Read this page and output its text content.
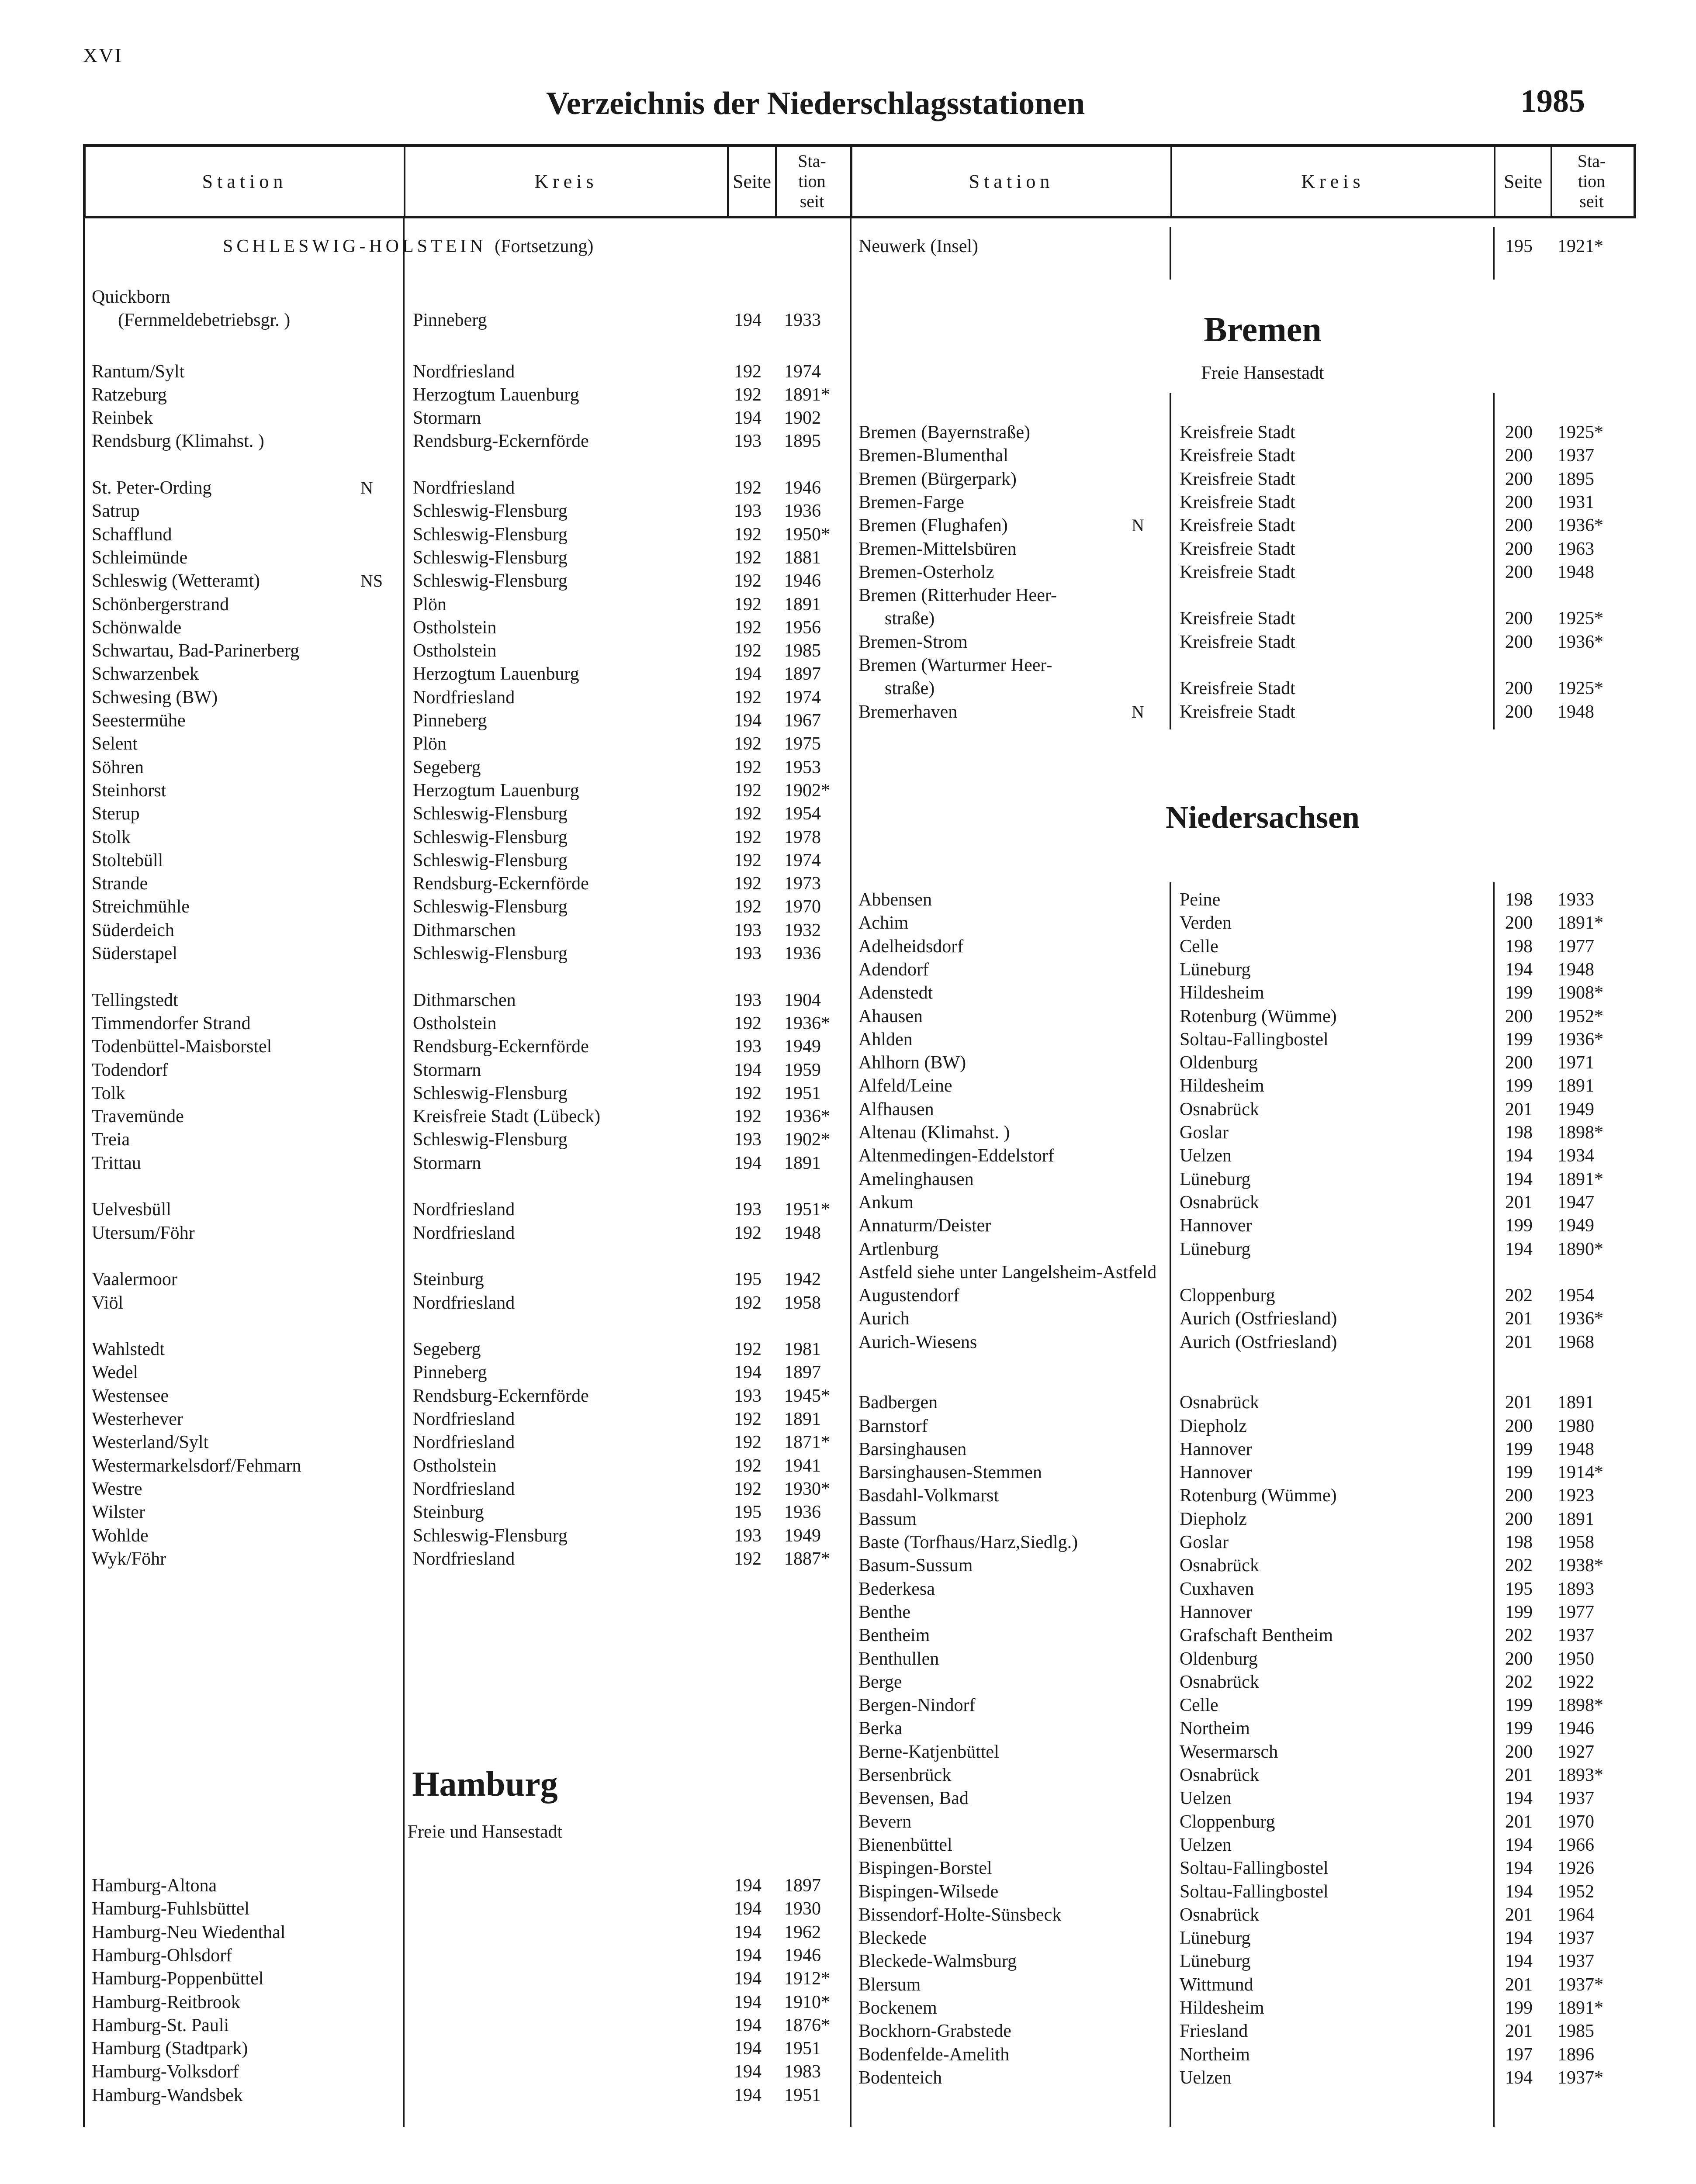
XVI
Verzeichnis der Niederschlagsstationen	1985
Station	Kreis	Seite
Sta-
tion
seit
Station	Kreis	Seite
Sta-
tion
seit
SCHLESWIG-HOLSTEIN (Fortsetzung)
Quickborn
(Fernmeldebetriebsgr. )	Pinneberg	194 1933
Rantum/Sylt	Nordfriesland	192 1974
Ratzeburg	Herzogtum Lauenburg	192 1891*
Reinbek	Stormarn	194 1902
Rendsburg (Klimahst. )	Rendsburg-Eckernförde	193 1895
St. Peter-Ording	N Nordfriesland	192 1946
Satrup	Schleswig-Flensburg	193 1936
Schafflund	Schleswig-Flensburg	192 1950*
Schleimünde	Schleswig-Flensburg	192 1881
Schleswig (Wetteramt)	NS Schleswig-Flensburg	192 1946
Schönbergerstrand	Plön	192 1891
Schönwalde	Ostholstein	192 1956
Schwartau, Bad-Parinerberg	Ostholstein	192 1985
Schwarzenbek	Herzogtum Lauenburg	194 1897
Schwesing (BW)	Nordfriesland	192 1974
Seestermühe	Pinneberg	194 1967
Selent	Plön	192 1975
Söhren	Segeberg	192 1953
Steinhorst	Herzogtum Lauenburg	192 1902*
Sterup	Schleswig-Flensburg	192 1954
Stolk	Schleswig-Flensburg	192 1978
Stoltebüll	Schleswig-Flensburg	192 1974
Strande	Rendsburg-Eckernförde	192 1973
Streichmühle	Schleswig-Flensburg	192 1970
Süderdeich	Dithmarschen	193 1932
Süderstapel	Schleswig-Flensburg	193 1936
Tellingstedt	Dithmarschen	193 1904
Timmendorfer Strand	Ostholstein	192 1936*
Todenbüttel-Maisborstel	Rendsburg-Eckernförde	193 1949
Todendorf	Stormarn	194 1959
Tolk	Schleswig-Flensburg	192 1951
Travemünde	Kreisfreie Stadt (Lübeck)	192 1936*
Treia	Schleswig-Flensburg	193 1902*
Trittau	Stormarn	194 1891
Uelvesbüll	Nordfriesland	193 1951*
Utersum/Föhr	Nordfriesland	192 1948
Vaalermoor	Steinburg	195 1942
Viöl	Nordfriesland	192 1958
Wahlstedt	Segeberg	192 1981
Wedel	Pinneberg	194 1897
Westensee	Rendsburg-Eckernförde	193 1945*
Westerhever	Nordfriesland	192 1891
Westerland/Sylt	Nordfriesland	192 1871*
Westermarkelsdorf/Fehmarn	Ostholstein	192 1941
Westre	Nordfriesland	192 1930*
Wilster	Steinburg	195 1936
Wohlde	Schleswig-Flensburg	193 1949
Wyk/Föhr	Nordfriesland	192 1887*
Hamburg
Freie und Hansestadt
Hamburg-Altona	194 1897
Hamburg-Fuhlsbüttel	194 1930
Hamburg-Neu Wiedenthal	194 1962
Hamburg-Ohlsdorf	194 1946
Hamburg-Poppenbüttel	194 1912*
Hamburg-Reitbrook	194 1910*
Hamburg-St. Pauli	194 1876*
Hamburg (Stadtpark)	194 1951
Hamburg-Volksdorf	194 1983
Hamburg-Wandsbek	194 1951
Neuwerk (Insel)	195 1921*
Bremen
Freie Hansestadt
Bremen (Bayernstraße)	Kreisfreie Stadt	200 1925*
Bremen-Blumenthal	Kreisfreie Stadt	200 1937
Bremen (Bürgerpark)	Kreisfreie Stadt	200 1895
Bremen-Farge	Kreisfreie Stadt	200 1931
Bremen (Flughafen)	N Kreisfreie Stadt	200 1936*
Bremen-Mittelsbüren	Kreisfreie Stadt	200 1963
Bremen-Osterholz	Kreisfreie Stadt	200 1948
Bremen (Ritterhuder Heer-
straße)	Kreisfreie Stadt	200 1925*
Bremen-Strom	Kreisfreie Stadt	200 1936*
Bremen (Warturmer Heer-
straße)	Kreisfreie Stadt	200 1925*
Bremerhaven	N Kreisfreie Stadt	200 1948
Niedersachsen
Abbensen	Peine	198 1933
Achim	Verden	200 1891*
Adelheidsdorf	Celle	198 1977
Adendorf	Lüneburg	194 1948
Adenstedt	Hildesheim	199 1908*
Ahausen	Rotenburg (Wümme)	200 1952*
Ahlden	Soltau-Fallingbostel	199 1936*
Ahlhorn (BW)	Oldenburg	200 1971
Alfeld/Leine	Hildesheim	199 1891
Alfhausen	Osnabrück	201 1949
Altenau (Klimahst. )	Goslar	198 1898*
Altenmedingen-Eddelstorf	Uelzen	194 1934
Amelinghausen	Lüneburg	194 1891*
Ankum	Osnabrück	201 1947
Annaturm/Deister	Hannover	199 1949
Artlenburg	Lüneburg	194 1890*
Astfeld siehe unter Langelsheim-Astfeld
Augustendorf	Cloppenburg	202 1954
Aurich	Aurich (Ostfriesland)	201 1936*
Aurich-Wiesens	Aurich (Ostfriesland)	201 1968
Badbergen	Osnabrück	201 1891
Barnstorf	Diepholz	200 1980
Barsinghausen	Hannover	199 1948
Barsinghausen-Stemmen	Hannover	199 1914*
Basdahl-Volkmarst	Rotenburg (Wümme)	200 1923
Bassum	Diepholz	200 1891
Baste (Torfhaus/Harz,Siedlg.)	Goslar	198 1958
Basum-Sussum	Osnabrück	202 1938*
Bederkesa	Cuxhaven	195 1893
Benthe	Hannover	199 1977
Bentheim	Grafschaft Bentheim	202 1937
Benthullen	Oldenburg	200 1950
Berge	Osnabrück	202 1922
Bergen-Nindorf	Celle	199 1898*
Berka	Northeim	199 1946
Berne-Katjenbüttel	Wesermarsch	200 1927
Bersenbrück	Osnabrück	201 1893*
Bevensen, Bad	Uelzen	194 1937
Bevern	Cloppenburg	201 1970
Bienenbüttel	Uelzen	194 1966
Bispingen-Borstel	Soltau-Fallingbostel	194 1926
Bispingen-Wilsede	Soltau-Fallingbostel	194 1952
Bissendorf-Holte-Sünsbeck	Osnabrück	201 1964
Bleckede	Lüneburg	194 1937
Bleckede-Walmsburg	Lüneburg	194 1937
Blersum	Wittmund	201 1937*
Bockenem	Hildesheim	199 1891*
Bockhorn-Grabstede	Friesland	201 1985
Bodenfelde-Amelith	Northeim	197 1896
Bodenteich	Uelzen	194 1937*
